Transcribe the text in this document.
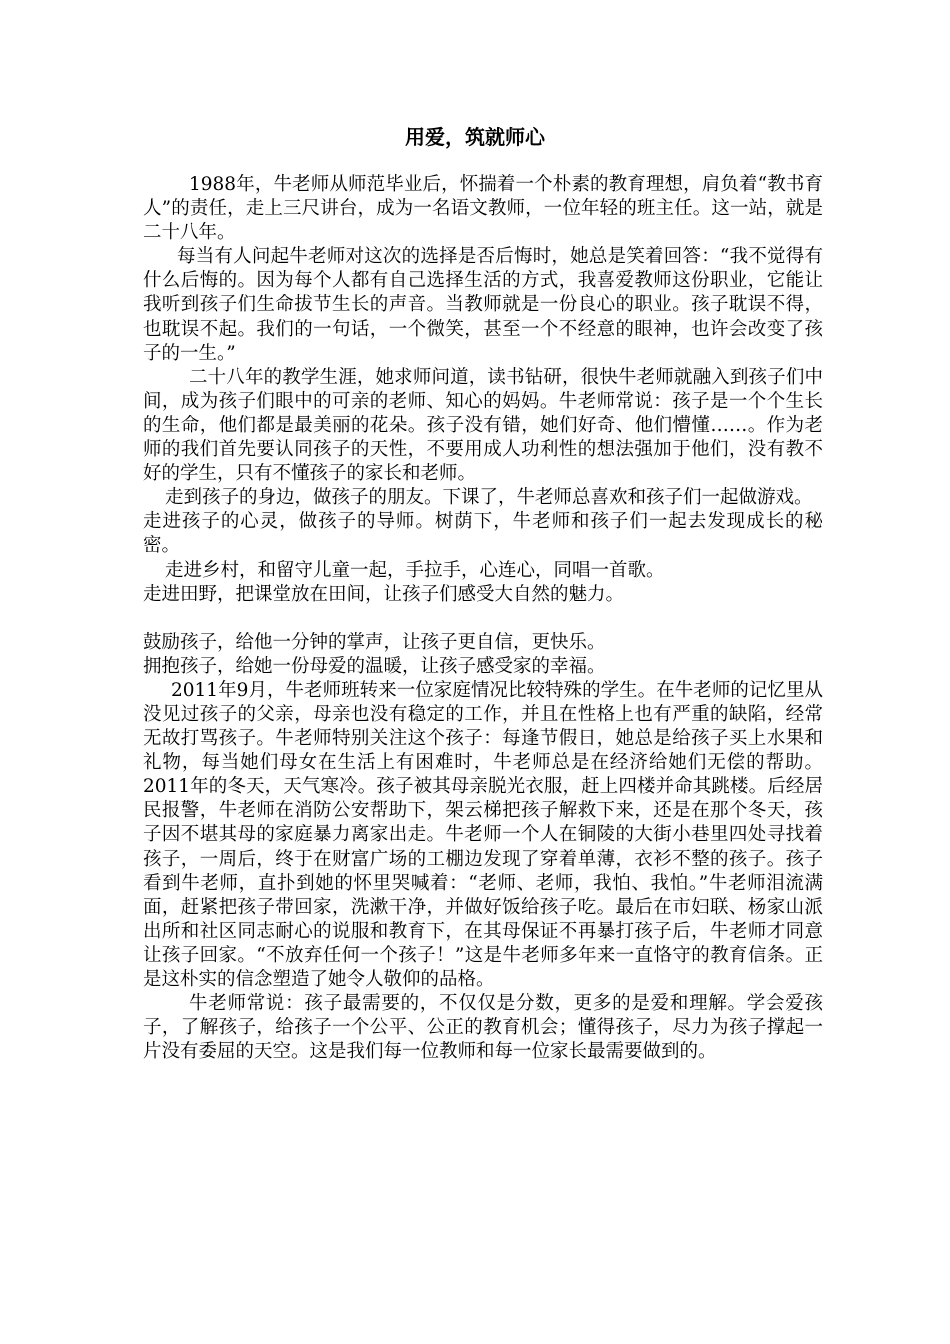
用爱，筑就师心

1988年，牛老师从师范毕业后，怀揣着一个朴素的教育理想，肩负着“教书育人”的责任，走上三尺讲台，成为一名语文教师，一位年轻的班主任。这一站，就是二十八年。

每当有人问起牛老师对这次的选择是否后悔时，她总是笑着回答：“我不觉得有什么后悔的。因为每个人都有自己选择生活的方式，我喜爱教师这份职业，它能让我听到孩子们生命拔节生长的声音。当教师就是一份良心的职业。孩子耽误不得，也耽误不起。我们的一句话，一个微笑，甚至一个不经意的眼神，也许会改变了孩子的一生。”

二十八年的教学生涯，她求师问道，读书钻研，很快牛老师就融入到孩子们中间，成为孩子们眼中的可亲的老师、知心的妈妈。牛老师常说：孩子是一个个生长的生命，他们都是最美丽的花朵。孩子没有错，她们好奇、他们懵懂……。作为老师的我们首先要认同孩子的天性，不要用成人功利性的想法强加于他们，没有教不好的学生，只有不懂孩子的家长和老师。

走到孩子的身边，做孩子的朋友。下课了，牛老师总喜欢和孩子们一起做游戏。

走进孩子的心灵，做孩子的导师。树荫下，牛老师和孩子们一起去发现成长的秘密。

走进乡村，和留守儿童一起，手拉手，心连心，同唱一首歌。

走进田野，把课堂放在田间，让孩子们感受大自然的魅力。

鼓励孩子，给他一分钟的掌声，让孩子更自信，更快乐。

拥抱孩子，给她一份母爱的温暖，让孩子感受家的幸福。

2011年9月，牛老师班转来一位家庭情况比较特殊的学生。在牛老师的记忆里从没见过孩子的父亲，母亲也没有稳定的工作，并且在性格上也有严重的缺陷，经常无故打骂孩子。牛老师特别关注这个孩子：每逢节假日，她总是给孩子买上水果和礼物，每当她们母女在生活上有困难时，牛老师总是在经济给她们无偿的帮助。2011年的冬天，天气寒冷。孩子被其母亲脱光衣服，赶上四楼并命其跳楼。后经居民报警，牛老师在消防公安帮助下，架云梯把孩子解救下来，还是在那个冬天，孩子因不堪其母的家庭暴力离家出走。牛老师一个人在铜陵的大街小巷里四处寻找着孩子，一周后，终于在财富广场的工棚边发现了穿着单薄，衣衫不整的孩子。孩子看到牛老师，直扑到她的怀里哭喊着：“老师、老师，我怕、我怕。”牛老师泪流满面，赶紧把孩子带回家，洗漱干净，并做好饭给孩子吃。最后在市妇联、杨家山派出所和社区同志耐心的说服和教育下，在其母保证不再暴打孩子后，牛老师才同意让孩子回家。“不放弃任何一个孩子！”这是牛老师多年来一直恪守的教育信条。正是这朴实的信念塑造了她令人敬仰的品格。

牛老师常说：孩子最需要的，不仅仅是分数，更多的是爱和理解。学会爱孩子，了解孩子，给孩子一个公平、公正的教育机会；懂得孩子，尽力为孩子撑起一片没有委屈的天空。这是我们每一位教师和每一位家长最需要做到的。
